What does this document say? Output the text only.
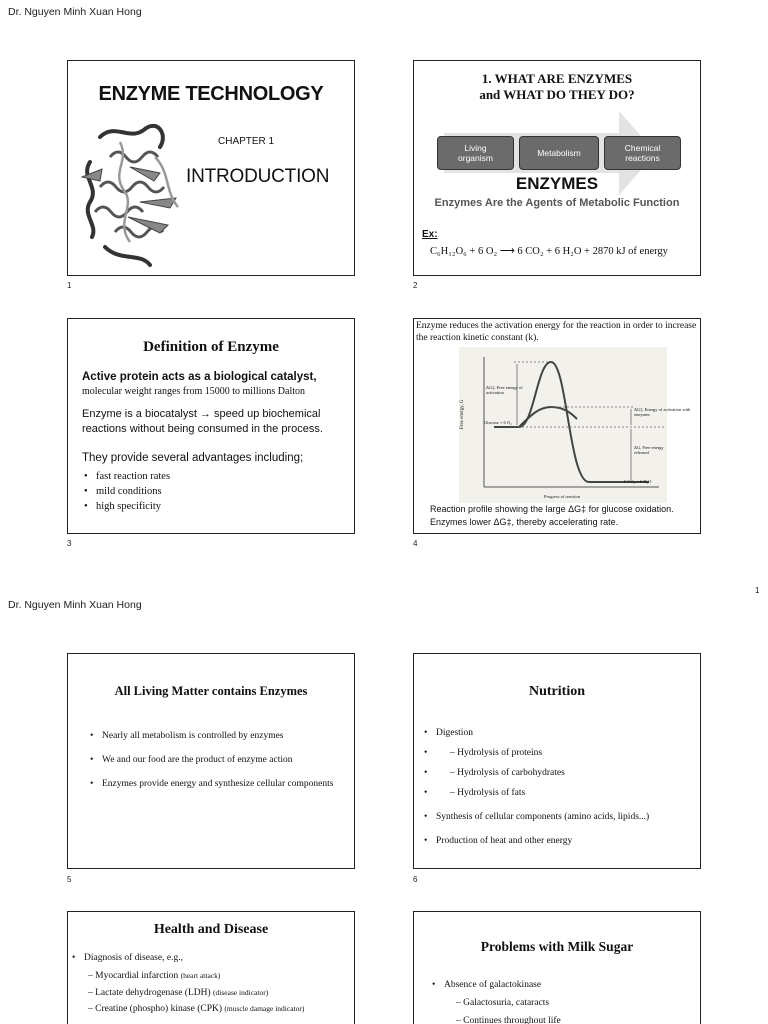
Dr. Nguyen Minh Xuan Hong
ENZYME TECHNOLOGY
CHAPTER 1
INTRODUCTION
1
1. WHAT ARE ENZYMES
and WHAT DO THEY DO?
Living organism	Metabolism	Chemical reactions
ENZYMES
Enzymes Are the Agents of Metabolic Function
Ex:
C₆H₁₂O₆ + 6 O₂ ⟶ 6 CO₂ + 6 H₂O + 2870 kJ of energy
2
Definition of Enzyme
Active protein acts as a biological catalyst,
molecular weight ranges from 15000 to millions Dalton
Enzyme is a biocatalyst → speed up biochemical reactions without being consumed in the process.
They provide several advantages including;
• fast reaction rates
• mild conditions
• high specificity
3
Enzyme reduces the activation energy for the reaction in order to increase the reaction kinetic constant (k).
ΔG‡, Free energy of activation
ΔG‡, Energy of activation with enzymes
Glucose + 6 O₂
ΔG, Free energy released
6 CO₂ + 6 H₂O
Progress of reaction
Reaction profile showing the large ΔG‡ for glucose oxidation. Enzymes lower ΔG‡, thereby accelerating rate.
4
1
Dr. Nguyen Minh Xuan Hong
All Living Matter contains Enzymes
• Nearly all metabolism is controlled by enzymes
• We and our food are the product of enzyme action
• Enzymes provide energy and synthesize cellular components
5
Nutrition
• Digestion
• – Hydrolysis of proteins
• – Hydrolysis of carbohydrates
• – Hydrolysis of fats
• Synthesis of cellular components (amino acids, lipids...)
• Production of heat and other energy
6
Health and Disease
• Diagnosis of disease, e.g.,
– Myocardial infarction (heart attack)
– Lactate dehydrogenase (LDH) (disease indicator)
– Creatine (phospho) kinase (CPK) (muscle damage indicator)
Problems with Milk Sugar
• Absence of galactokinase
– Galactosuria, cataracts
– Continues throughout life
